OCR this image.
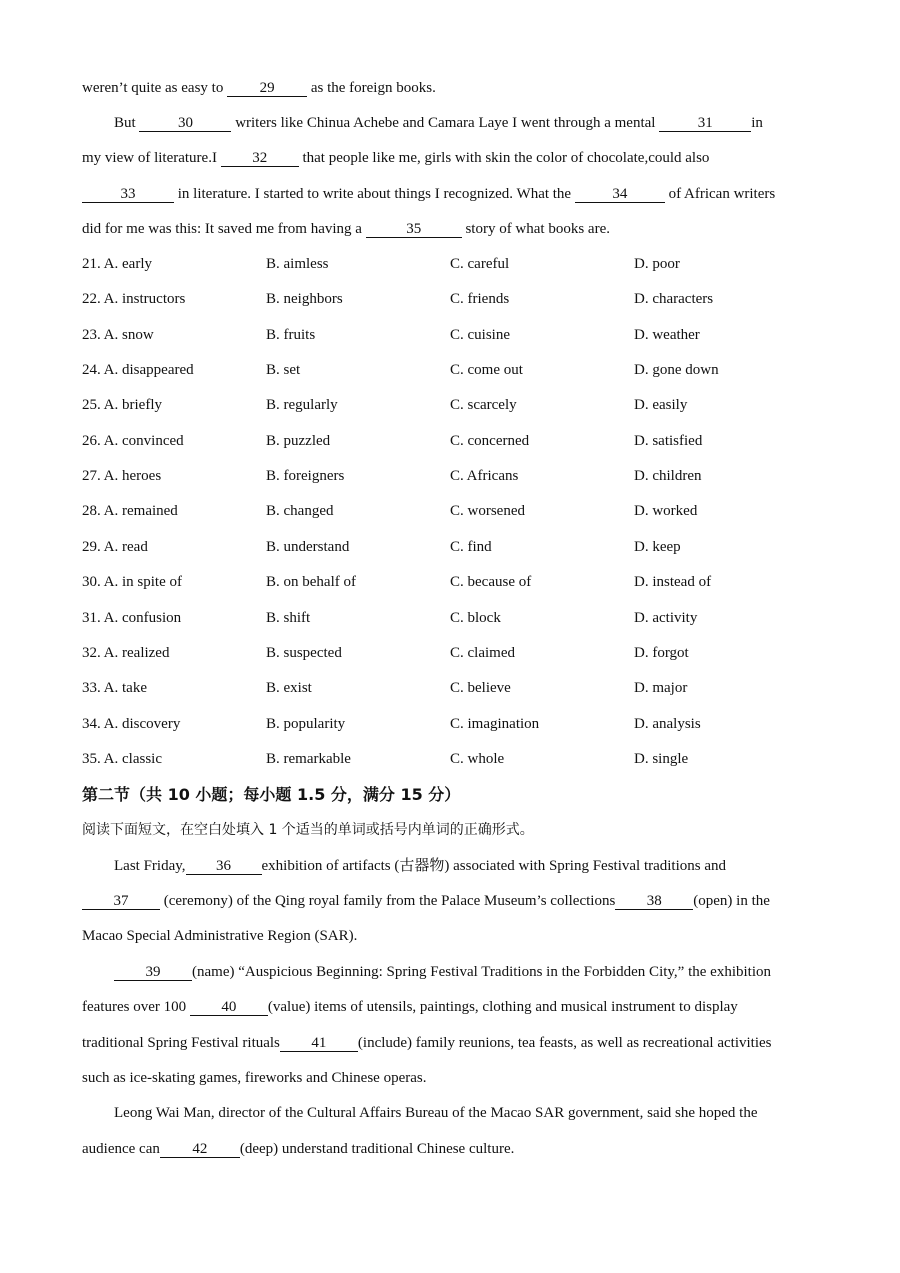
weren’t quite as easy to 29 as the foreign books.
But	30	writers like Chinua Achebe and Camara Laye I went through a mental	31	in
my view of literature.I 32 that people like me, girls with skin the color of chocolate,could also
33	in literature. I started to write about things I recognized. What the	34	of African writers
did for me was this: It saved me from having a	35	story of what books are.
21. A. early	B. aimless	C. careful	D. poor
22. A. instructors	B. neighbors	C. friends	D. characters
23. A. snow	B. fruits	C. cuisine	D. weather
24. A. disappeared	B. set	C. come out	D. gone down
25. A. briefly	B. regularly	C. scarcely	D. easily
26. A. convinced	B. puzzled	C. concerned	D. satisfied
27. A. heroes	B. foreigners	C. Africans	D. children
28. A. remained	B. changed	C. worsened	D. worked
29. A. read	B. understand	C. find	D. keep
30. A. in spite of	B. on behalf of	C. because of	D. instead of
31. A. confusion	B. shift	C. block	D. activity
32. A. realized	B. suspected	C. claimed	D. forgot
33. A. take	B. exist	C. believe	D. major
34. A. discovery	B. popularity	C. imagination	D. analysis
35. A. classic	B. remarkable	C. whole	D. single
第二节（共 10 小题；每小题 1.5 分，满分 15 分）
阅读下面短文，在空白处填入 1 个适当的单词或括号内单词的正确形式。
Last Friday, 36 exhibition of artifacts (古器物) associated with Spring Festival traditions and
37 (ceremony) of the Qing royal family from the Palace Museum’s collections 38 (open) in the
Macao Special Administrative Region (SAR).
39 (name) “Auspicious Beginning: Spring Festival Traditions in the Forbidden City,” the exhibition
features over 100 40 (value) items of utensils, paintings, clothing and musical instrument to display
traditional Spring Festival rituals 41 (include) family reunions, tea feasts, as well as recreational activities
such as ice-skating games, fireworks and Chinese operas.
Leong Wai Man, director of the Cultural Affairs Bureau of the Macao SAR government, said she hoped the
audience can 42 (deep) understand traditional Chinese culture.
